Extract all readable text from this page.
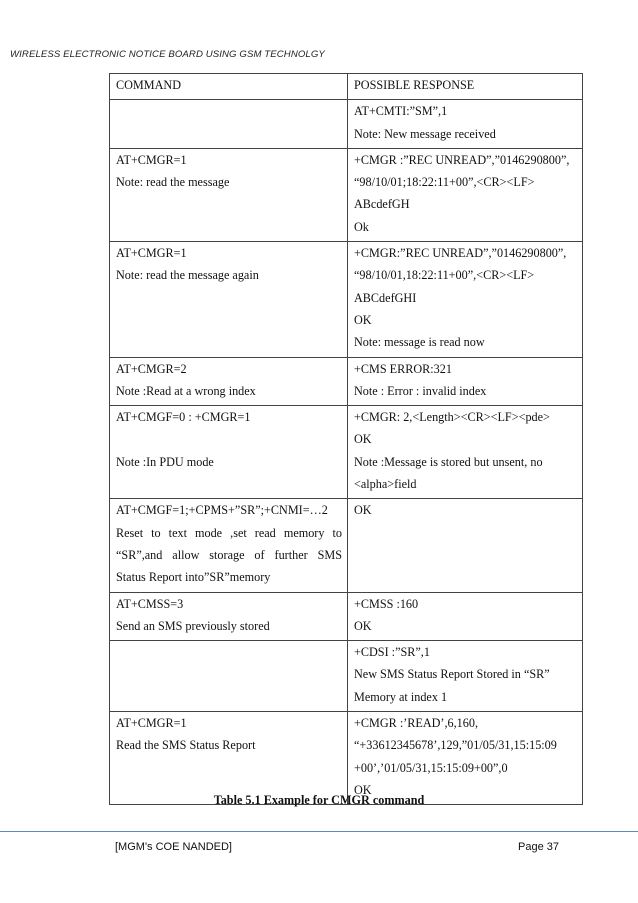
WIRELESS ELECTRONIC NOTICE BOARD USING GSM TECHNOLGY
COMMAND	POSSIBLE RESPONSE

	AT+CMTI:”SM”,1
Note: New message received

AT+CMGR=1
Note: read the message	+CMGR :”REC UNREAD”,”0146290800”,
“98/10/01;18:22:11+00”,<CR><LF>
ABcdefGH
Ok

AT+CMGR=1
Note: read the message again	+CMGR:”REC UNREAD”,”0146290800”,
“98/10/01,18:22:11+00”,<CR><LF>
ABCdefGHI
OK
Note: message is read now

AT+CMGR=2
Note :Read at a wrong index	+CMS ERROR:321
Note : Error : invalid index

AT+CMGF=0 : +CMGR=1
Note :In PDU mode	+CMGR: 2,<Length><CR><LF><pde>
OK
Note :Message is stored but unsent, no
<alpha>field

AT+CMGF=1;+CPMS+”SR”;+CNMI=…2
Reset to text mode ,set read memory to
“SR”,and allow storage of further SMS
Status Report into”SR”memory	OK

AT+CMSS=3
Send an SMS previously stored	+CMSS :160
OK

	+CDSI :”SR”,1
New SMS Status Report Stored in “SR”
Memory at index 1

AT+CMGR=1
Read the SMS Status Report	+CMGR :’READ’,6,160,
“+33612345678’,129,”01/05/31,15:15:09
+00’,’01/05/31,15:15:09+00”,0
OK
Table 5.1 Example for CMGR command
[MGM's COE NANDED]	Page 37
